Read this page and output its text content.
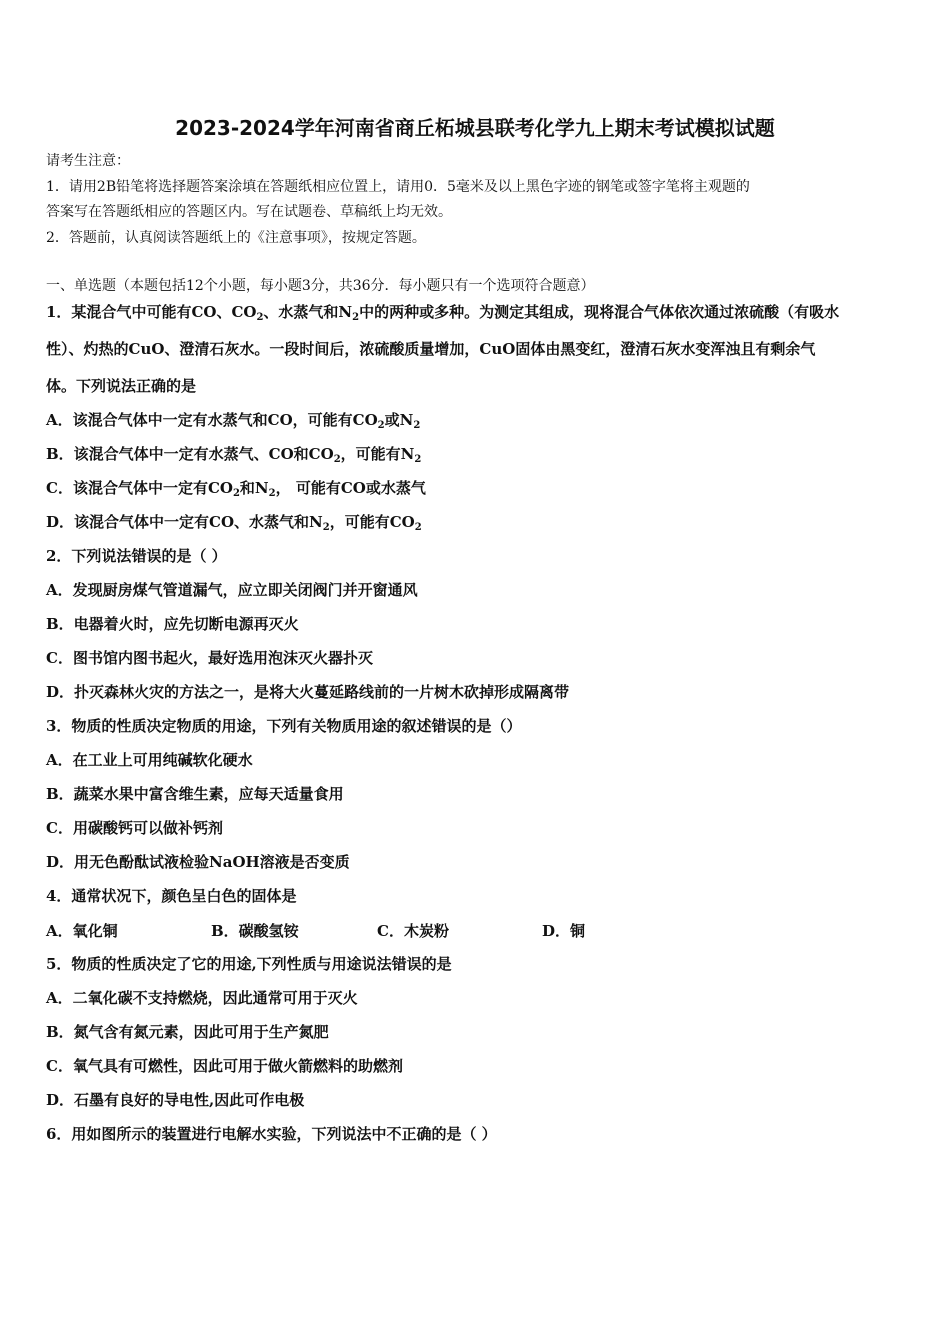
2023-2024学年河南省商丘柘城县联考化学九上期末考试模拟试题
请考生注意：
1．请用2B铅笔将选择题答案涂填在答题纸相应位置上，请用0．5毫米及以上黑色字迹的钢笔或签字笔将主观题的
答案写在答题纸相应的答题区内。写在试题卷、草稿纸上均无效。
2．答题前，认真阅读答题纸上的《注意事项》，按规定答题。
一、单选题（本题包括12个小题，每小题3分，共36分．每小题只有一个选项符合题意）
1．某混合气中可能有CO、$CO_2$、水蒸气和$N_2$中的两种或多种。为测定其组成，现将混合气体依次通过浓硫酸（有吸水
性）、灼热的CuO、澄清石灰水。一段时间后，浓硫酸质量增加，CuO固体由黑变红，澄清石灰水变浑浊且有剩余气
体。下列说法正确的是
A．该混合气体中一定有水蒸气和CO，可能有$CO_2$或$N_2$
B．该混合气体中一定有水蒸气、CO和$CO_2$，可能有$N_2$
C．该混合气体中一定有$CO_2$和$N_2$， 可能有CO或水蒸气
D．该混合气体中一定有CO、水蒸气和$N_2$，可能有$CO_2$
2．下列说法错误的是（ ）
A．发现厨房煤气管道漏气，应立即关闭阀门并开窗通风
B．电器着火时，应先切断电源再灭火
C．图书馆内图书起火，最好选用泡沫灭火器扑灭
D．扑灭森林火灾的方法之一，是将大火蔓延路线前的一片树木砍掉形成隔离带
3．物质的性质决定物质的用途，下列有关物质用途的叙述错误的是（）
A．在工业上可用纯碱软化硬水
B．蔬菜水果中富含维生素，应每天适量食用
C．用碳酸钙可以做补钙剂
D．用无色酚酞试液检验NaOH溶液是否变质
4．通常状况下，颜色呈白色的固体是
A．氧化铜	B．碳酸氢铵	C．木炭粉	D．铜
5．物质的性质决定了它的用途,下列性质与用途说法错误的是
A．二氧化碳不支持燃烧，因此通常可用于灭火
B．氮气含有氮元素，因此可用于生产氮肥
C．氧气具有可燃性，因此可用于做火箭燃料的助燃剂
D．石墨有良好的导电性,因此可作电极
6．用如图所示的装置进行电解水实验，下列说法中不正确的是（ ）
